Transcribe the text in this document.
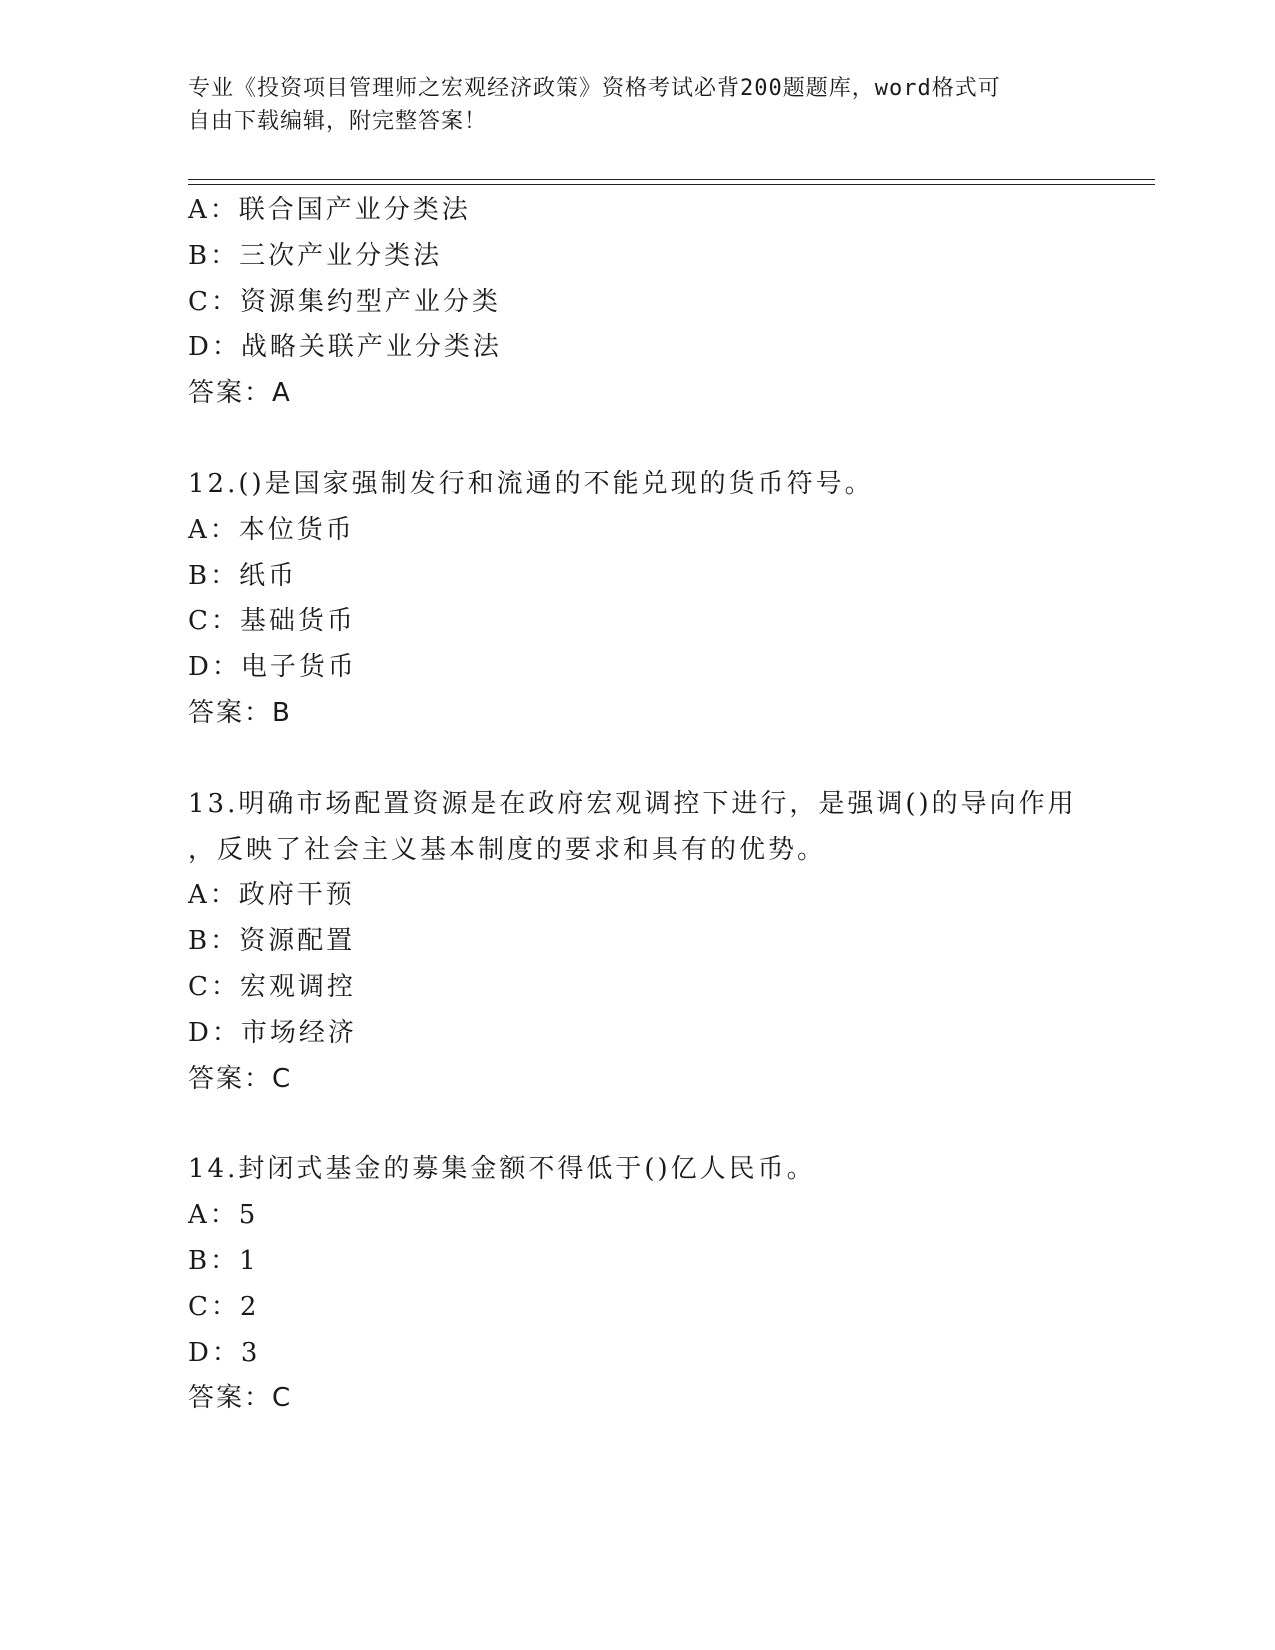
专业《投资项目管理师之宏观经济政策》资格考试必背200题题库，word格式可
自由下载编辑，附完整答案！
A：联合国产业分类法
B：三次产业分类法
C：资源集约型产业分类
D：战略关联产业分类法
答案：A
12.()是国家强制发行和流通的不能兑现的货币符号。
A：本位货币
B：纸币
C：基础货币
D：电子货币
答案：B
13.明确市场配置资源是在政府宏观调控下进行，是强调()的导向作用
，反映了社会主义基本制度的要求和具有的优势。
A：政府干预
B：资源配置
C：宏观调控
D：市场经济
答案：C
14.封闭式基金的募集金额不得低于()亿人民币。
A：5
B：1
C：2
D：3
答案：C
